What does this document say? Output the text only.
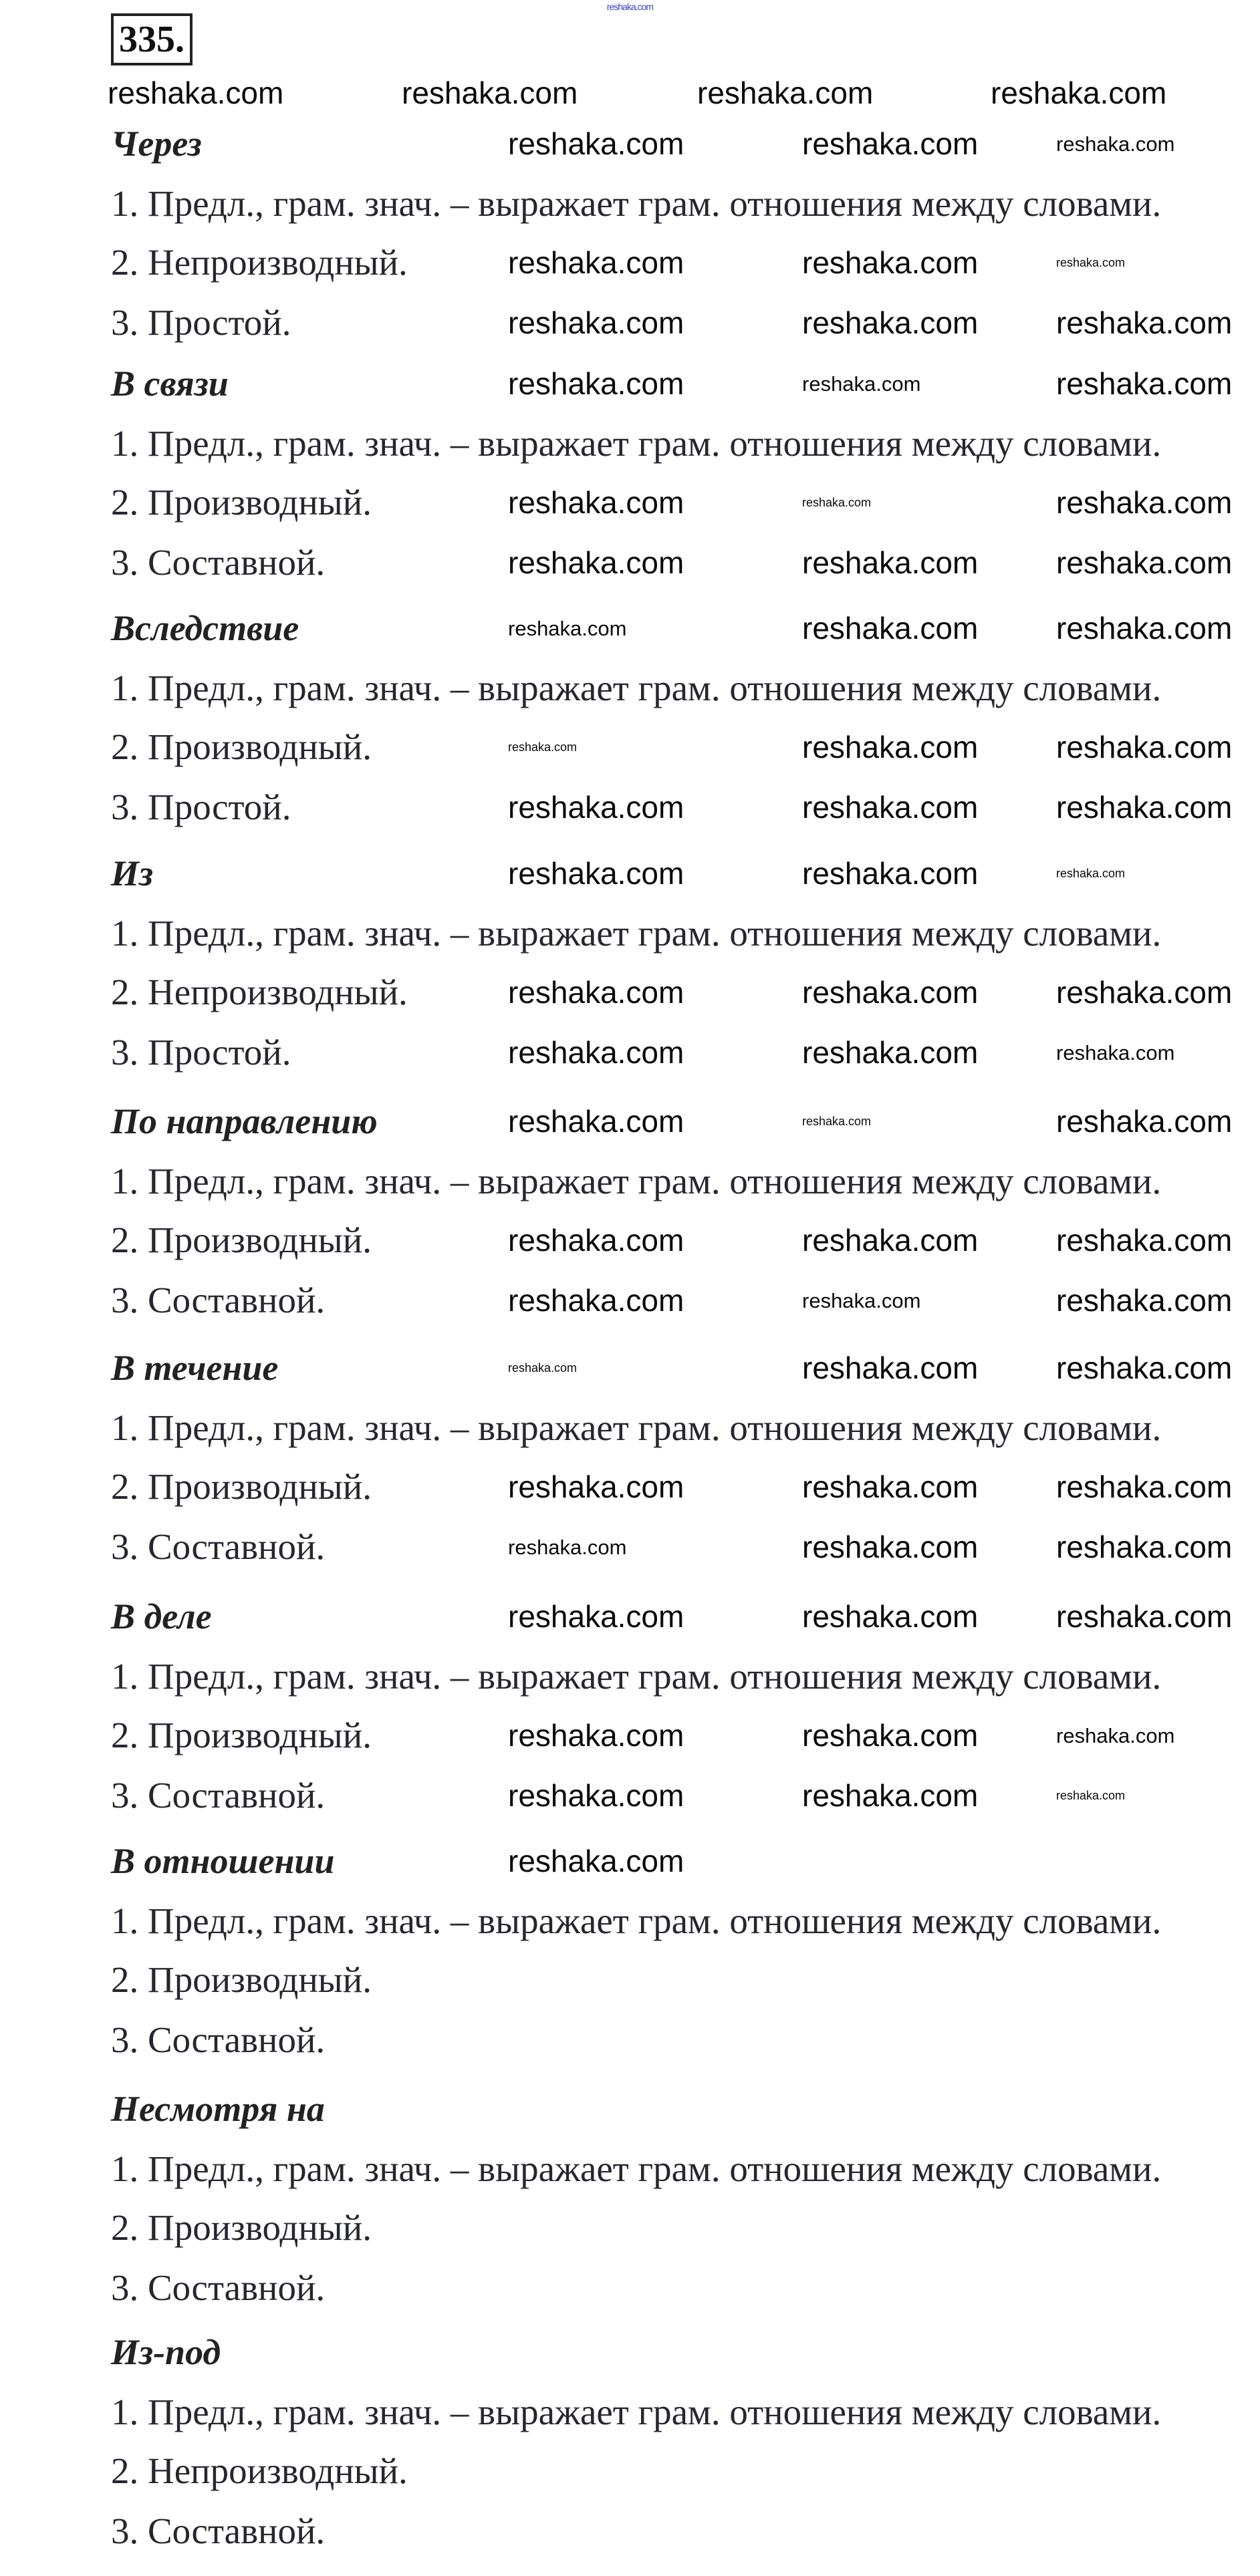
reshaka.com
335.
Через
1. Предл., грам. знач. – выражает грам. отношения между словами.
2. Непроизводный.
3. Простой.
В связи
1. Предл., грам. знач. – выражает грам. отношения между словами.
2. Производный.
3. Составной.
Вследствие
1. Предл., грам. знач. – выражает грам. отношения между словами.
2. Производный.
3. Простой.
Из
1. Предл., грам. знач. – выражает грам. отношения между словами.
2. Непроизводный.
3. Простой.
По направлению
1. Предл., грам. знач. – выражает грам. отношения между словами.
2. Производный.
3. Составной.
В течение
1. Предл., грам. знач. – выражает грам. отношения между словами.
2. Производный.
3. Составной.
В деле
1. Предл., грам. знач. – выражает грам. отношения между словами.
2. Производный.
3. Составной.
В отношении
1. Предл., грам. знач. – выражает грам. отношения между словами.
2. Производный.
3. Составной.
Несмотря на
1. Предл., грам. знач. – выражает грам. отношения между словами.
2. Производный.
3. Составной.
Из-под
1. Предл., грам. знач. – выражает грам. отношения между словами.
2. Непроизводный.
3. Составной.
reshaka.com	reshaka.com	reshaka.com	reshaka.com
reshaka.com	reshaka.com	reshaka.com
reshaka.com	reshaka.com	reshaka.com
reshaka.com	reshaka.com	reshaka.com
reshaka.com	reshaka.com	reshaka.com
reshaka.com	reshaka.com	reshaka.com
reshaka.com	reshaka.com	reshaka.com
reshaka.com	reshaka.com	reshaka.com
reshaka.com	reshaka.com	reshaka.com
reshaka.com	reshaka.com	reshaka.com
reshaka.com	reshaka.com	reshaka.com
reshaka.com	reshaka.com	reshaka.com
reshaka.com	reshaka.com	reshaka.com
reshaka.com	reshaka.com	reshaka.com
reshaka.com	reshaka.com	reshaka.com
reshaka.com	reshaka.com	reshaka.com
reshaka.com	reshaka.com	reshaka.com
reshaka.com	reshaka.com	reshaka.com
reshaka.com	reshaka.com	reshaka.com
reshaka.com	reshaka.com	reshaka.com
reshaka.com	reshaka.com	reshaka.com
reshaka.com	reshaka.com	reshaka.com
reshaka.com
